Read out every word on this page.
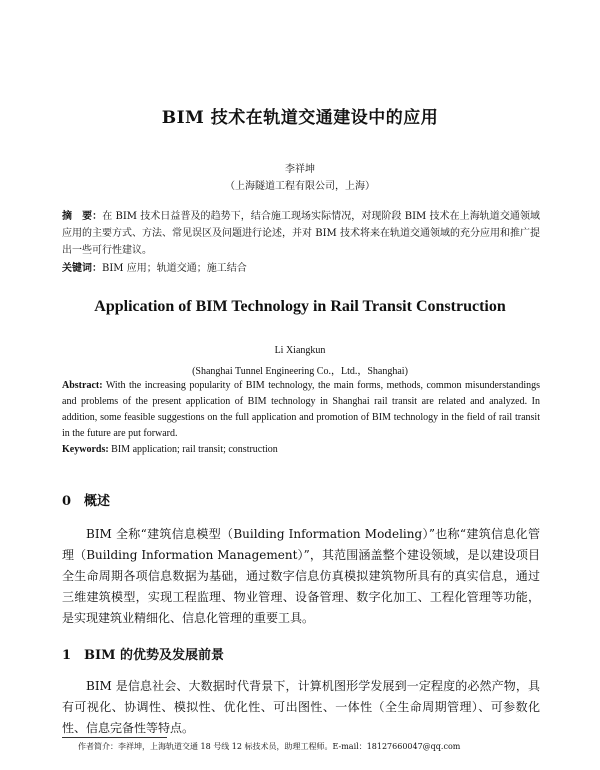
BIM 技术在轨道交通建设中的应用
李祥坤
（上海隧道工程有限公司，上海）
摘　要：在 BIM 技术日益普及的趋势下，结合施工现场实际情况，对现阶段 BIM 技术在上海轨道交通领域应用的主要方式、方法、常见误区及问题进行论述，并对 BIM 技术将来在轨道交通领域的充分应用和推广提出一些可行性建议。
关键词：BIM 应用；轨道交通；施工结合
Application of BIM Technology in Rail Transit Construction
Li Xiangkun
(Shanghai Tunnel Engineering Co.，Ltd.，Shanghai)
Abstract: With the increasing popularity of BIM technology, the main forms, methods, common misunderstandings and problems of the present application of BIM technology in Shanghai rail transit are related and analyzed. In addition, some feasible suggestions on the full application and promotion of BIM technology in the field of rail transit in the future are put forward.
Keywords: BIM application; rail transit; construction
0 概述
BIM 全称“建筑信息模型（Building Information Modeling）”也称“建筑信息化管理（Building Information Management）”，其范围涵盖整个建设领域，是以建设项目全生命周期各项信息数据为基础，通过数字信息仿真模拟建筑物所具有的真实信息，通过三维建筑模型，实现工程监理、物业管理、设备管理、数字化加工、工程化管理等功能，是实现建筑业精细化、信息化管理的重要工具。
1 BIM 的优势及发展前景
BIM 是信息社会、大数据时代背景下，计算机图形学发展到一定程度的必然产物，具有可视化、协调性、模拟性、优化性、可出图性、一体性（全生命周期管理）、可参数化性、信息完备性等特点。
作者简介：李祥坤，上海轨道交通 18 号线 12 标技术员，助理工程师。E-mail：18127660047@qq.com
